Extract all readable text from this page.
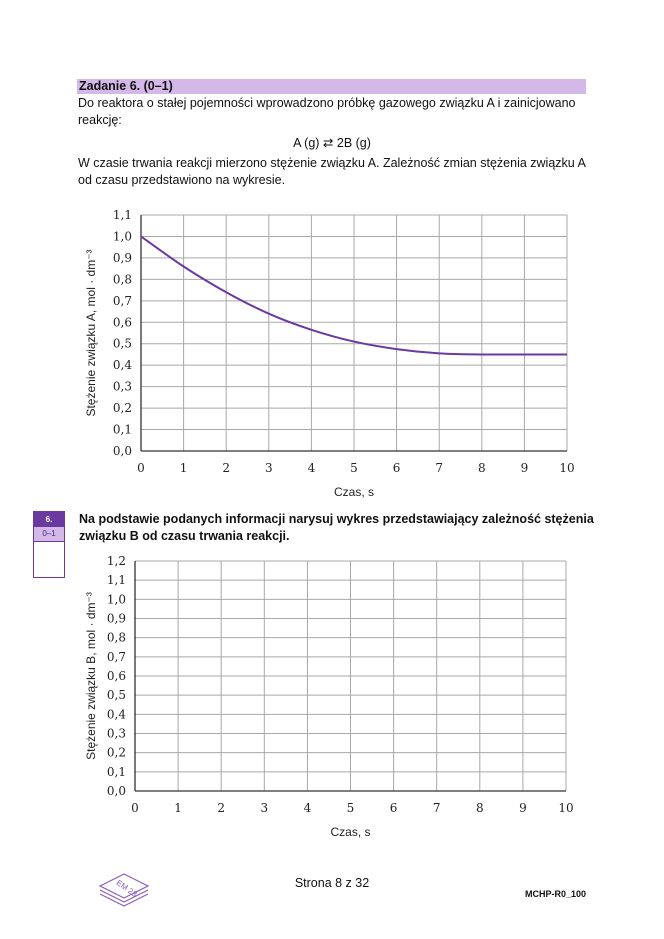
Zadanie 6. (0–1)
Do reaktora o stałej pojemności wprowadzono próbkę gazowego związku A i zainicjowano reakcję:
A (g) ⇄ 2B (g)
W czasie trwania reakcji mierzono stężenie związku A. Zależność zmian stężenia związku A od czasu przedstawiono na wykresie.
0,0
0,1
0,2
0,3
0,4
0,5
0,6
0,7
0,8
0,9
1,0
1,1
0	1	2	3	4	5	6	7	8	9	10
Czas, s
Stężenie związku A, mol · dm⁻³
6.
0–1
Na podstawie podanych informacji narysuj wykres przedstawiający zależność stężenia związku B od czasu trwania reakcji.
0,0
0,1
0,2
0,3
0,4
0,5
0,6
0,7
0,8
0,9
1,0
1,1
1,2
0	1	2	3	4	5	6	7	8	9	10
Czas, s
Stężenie związku B, mol · dm⁻³
EM 23	Strona 8 z 32
MCHP-R0_100
